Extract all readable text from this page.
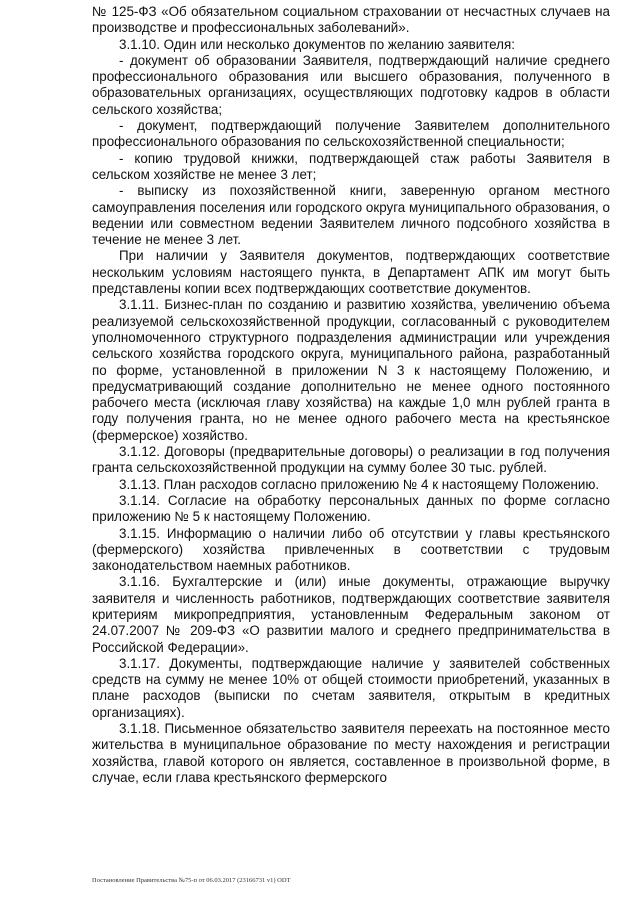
№ 125-ФЗ «Об обязательном социальном страховании от несчастных случаев на производстве и профессиональных заболеваний».

3.1.10. Один или несколько документов по желанию заявителя:

- документ об образовании Заявителя, подтверждающий наличие среднего профессионального образования или высшего образования, полученного в образовательных организациях, осуществляющих подготовку кадров в области сельского хозяйства;

- документ, подтверждающий получение Заявителем дополнительного профессионального образования по сельскохозяйственной специальности;

- копию трудовой книжки, подтверждающей стаж работы Заявителя в сельском хозяйстве не менее 3 лет;

- выписку из похозяйственной книги, заверенную органом местного самоуправления поселения или городского округа муниципального образования, о ведении или совместном ведении Заявителем личного подсобного хозяйства в течение не менее 3 лет.

При наличии у Заявителя документов, подтверждающих соответствие нескольким условиям настоящего пункта, в Департамент АПК им могут быть представлены копии всех подтверждающих соответствие документов.

3.1.11. Бизнес-план по созданию и развитию хозяйства, увеличению объема реализуемой сельскохозяйственной продукции, согласованный с руководителем уполномоченного структурного подразделения администрации или учреждения сельского хозяйства городского округа, муниципального района, разработанный по форме, установленной в приложении N 3 к настоящему Положению, и предусматривающий создание дополнительно не менее одного постоянного рабочего места (исключая главу хозяйства) на каждые 1,0 млн рублей гранта в году получения гранта, но не менее одного рабочего места на крестьянское (фермерское) хозяйство.

3.1.12. Договоры (предварительные договоры) о реализации в год получения гранта сельскохозяйственной продукции на сумму более 30 тыс. рублей.

3.1.13. План расходов согласно приложению № 4 к настоящему Положению.

3.1.14. Согласие на обработку персональных данных по форме согласно приложению № 5 к настоящему Положению.

3.1.15. Информацию о наличии либо об отсутствии у главы крестьянского (фермерского) хозяйства привлеченных в соответствии с трудовым законодательством наемных работников.

3.1.16. Бухгалтерские и (или) иные документы, отражающие выручку заявителя и численность работников, подтверждающих соответствие заявителя критериям микропредприятия, установленным Федеральным законом от 24.07.2007 № 209-ФЗ «О развитии малого и среднего предпринимательства в Российской Федерации».

3.1.17. Документы, подтверждающие наличие у заявителей собственных средств на сумму не менее 10% от общей стоимости приобретений, указанных в плане расходов (выписки по счетам заявителя, открытым в кредитных организациях).

3.1.18. Письменное обязательство заявителя переехать на постоянное место жительства в муниципальное образование по месту нахождения и регистрации хозяйства, главой которого он является, составленное в произвольной форме, в случае, если глава крестьянского фермерского

Постановление Правительства №75-п от 06.03.2017 (23166731 v1) ODT
